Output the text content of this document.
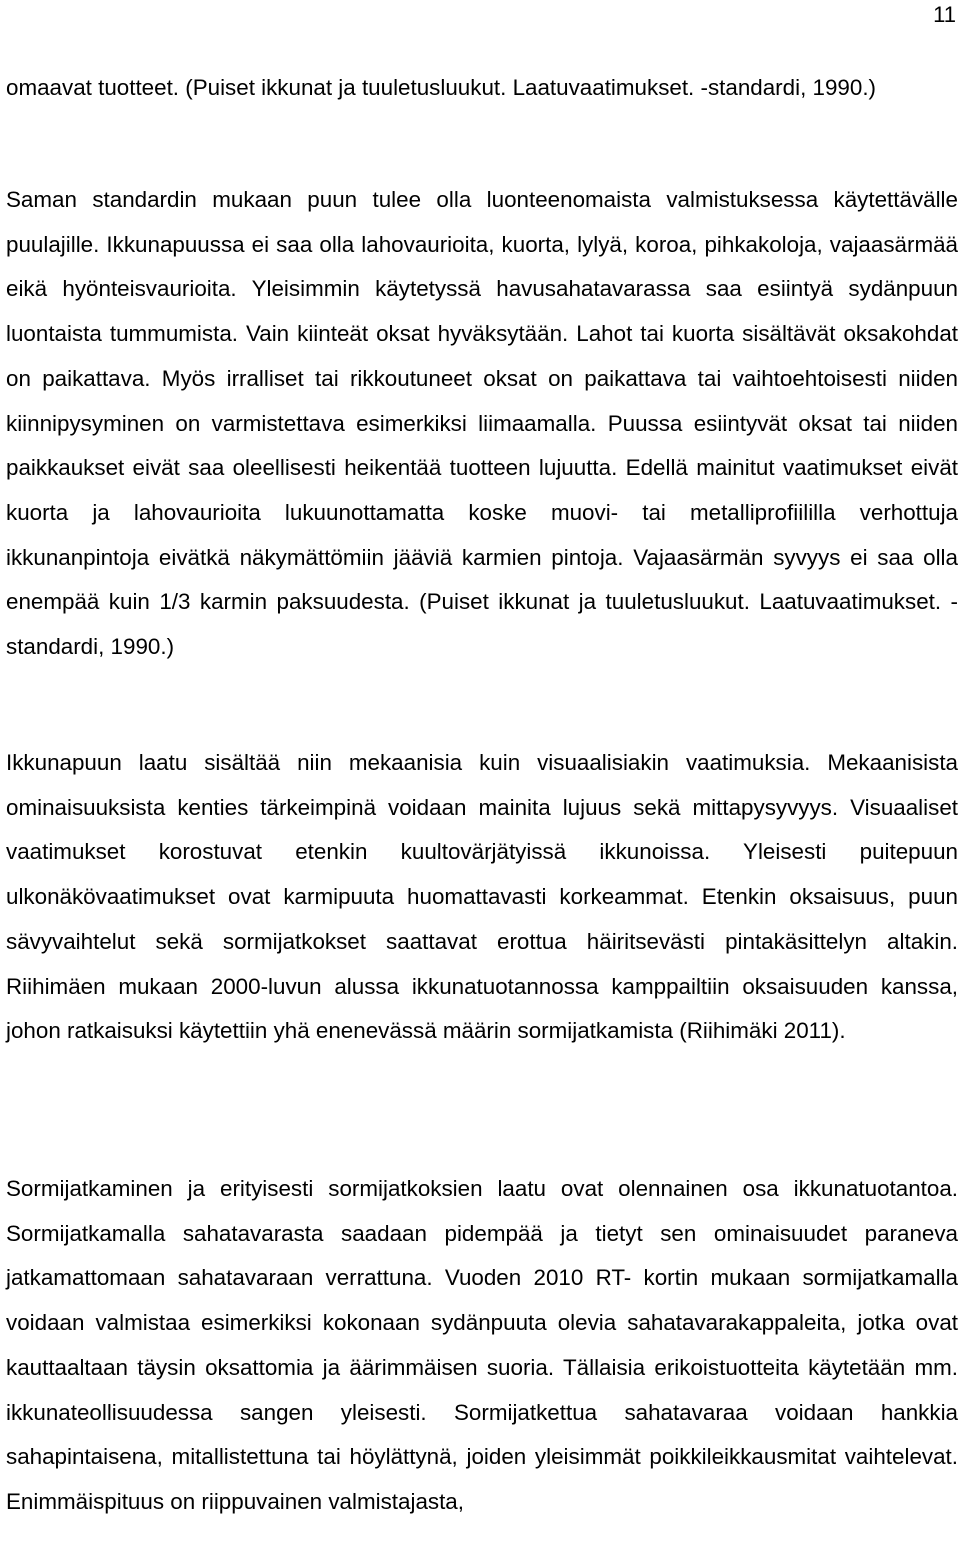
11

omaavat tuotteet. (Puiset ikkunat ja tuuletusluukut. Laatuvaatimukset. -standardi, 1990.)

Saman standardin mukaan puun tulee olla luonteenomaista valmistuksessa käytettävälle puulajille. Ikkunapuussa ei saa olla lahovaurioita, kuorta, lylyä, koroa, pihkakoloja, vajaasärmää eikä hyönteisvaurioita. Yleisimmin käytetyssä havusahatavarassa saa esiintyä sydänpuun luontaista tummumista. Vain kiinteät oksat hyväksytään. Lahot tai kuorta sisältävät oksakohdat on paikattava. Myös irralliset tai rikkoutuneet oksat on paikattava tai vaihtoehtoisesti niiden kiinnipysyminen on varmistettava esimerkiksi liimaamalla. Puussa esiintyvät oksat tai niiden paikkaukset eivät saa oleellisesti heikentää tuotteen lujuutta. Edellä mainitut vaatimukset eivät kuorta ja lahovaurioita lukuunottamatta koske muovi- tai metalliprofiililla verhottuja ikkunanpintoja eivätkä näkymättömiin jääviä karmien pintoja. Vajaasärmän syvyys ei saa olla enempää kuin 1/3 karmin paksuudesta. (Puiset ikkunat ja tuuletusluukut. Laatuvaatimukset. -standardi, 1990.)

Ikkunapuun laatu sisältää niin mekaanisia kuin visuaalisiakin vaatimuksia. Mekaanisista ominaisuuksista kenties tärkeimpinä voidaan mainita lujuus sekä mittapysyvyys. Visuaaliset vaatimukset korostuvat etenkin kuultovärjätyissä ikkunoissa. Yleisesti puitepuun ulkonäkövaatimukset ovat karmipuuta huomattavasti korkeammat. Etenkin oksaisuus, puun sävyvaihtelut sekä sormijatkokset saattavat erottua häiritsevästi pintakäsittelyn altakin. Riihimäen mukaan 2000-luvun alussa ikkunatuotannossa kamppailtiin oksaisuuden kanssa, johon ratkaisuksi käytettiin yhä enenevässä määrin sormijatkamista (Riihimäki 2011).

Sormijatkaminen ja erityisesti sormijatkoksien laatu ovat olennainen osa ikkunatuotantoa. Sormijatkamalla sahatavarasta saadaan pidempää ja tietyt sen ominaisuudet paraneva jatkamattomaan sahatavaraan verrattuna. Vuoden 2010 RT- kortin mukaan sormijatkamalla voidaan valmistaa esimerkiksi kokonaan sydänpuuta olevia sahatavarakappaleita, jotka ovat kauttaaltaan täysin oksattomia ja äärimmäisen suoria. Tällaisia erikoistuotteita käytetään mm. ikkunateollisuudessa sangen yleisesti. Sormijatkettua sahatavaraa voidaan hankkia sahapintaisena, mitallistettuna tai höylättynä, joiden yleisimmät poikkileikkausmitat vaihtelevat. Enimmäispituus on riippuvainen valmistajasta,
